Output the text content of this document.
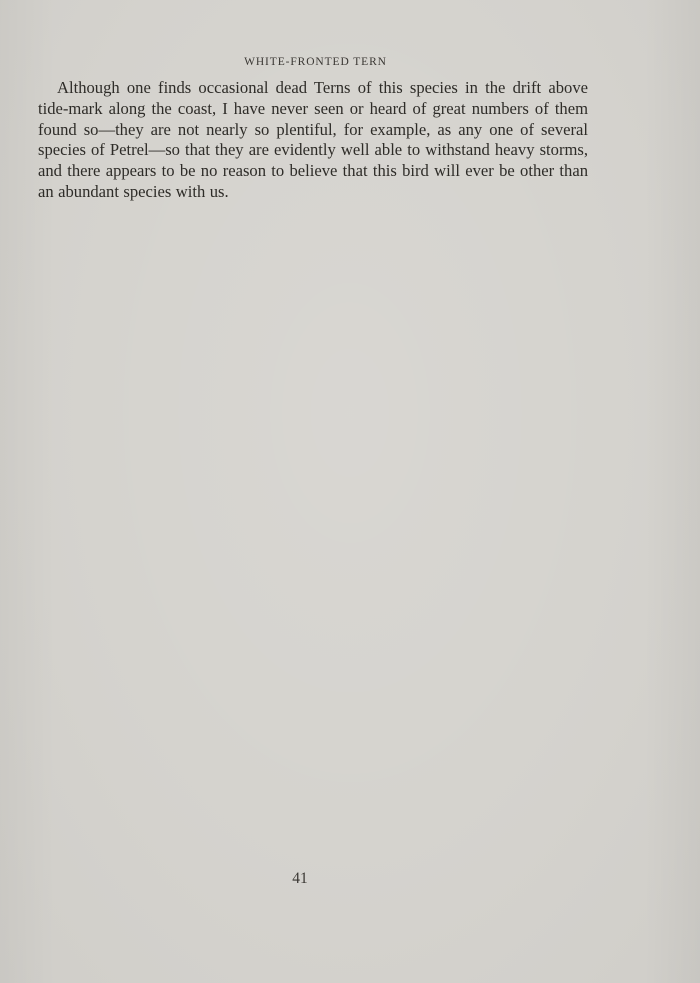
WHITE-FRONTED TERN

Although one finds occasional dead Terns of this species in the drift above tide-mark along the coast, I have never seen or heard of great numbers of them found so—they are not nearly so plentiful, for example, as any one of several species of Petrel—so that they are evidently well able to withstand heavy storms, and there appears to be no reason to believe that this bird will ever be other than an abundant species with us.

41
